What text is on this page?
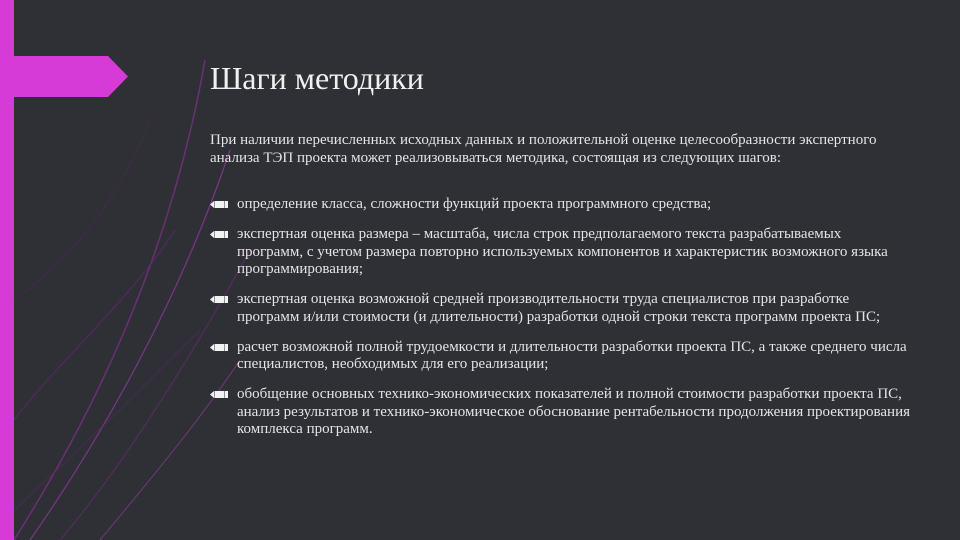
Шаги методики
При наличии перечисленных исходных данных и положительной оценке целесообразности экспертного анализа ТЭП проекта может реализовываться методика, состоящая из следующих шагов:
определение класса, сложности функций проекта программного средства;
экспертная оценка размера – масштаба, числа строк предполагаемого текста разрабатываемых программ, с учетом размера повторно используемых компонентов и характеристик возможного языка программирования;
экспертная оценка возможной средней производительности труда специалистов при разработке программ и/или стоимости (и длительности) разработки одной строки текста программ проекта ПС;
расчет возможной полной трудоемкости и длительности разработки проекта ПС, а также среднего числа специалистов, необходимых для его реализации;
обобщение основных технико-экономических показателей и полной стоимости разработки проекта ПС, анализ результатов и технико-экономическое обоснование рентабельности продолжения проектирования комплекса программ.
